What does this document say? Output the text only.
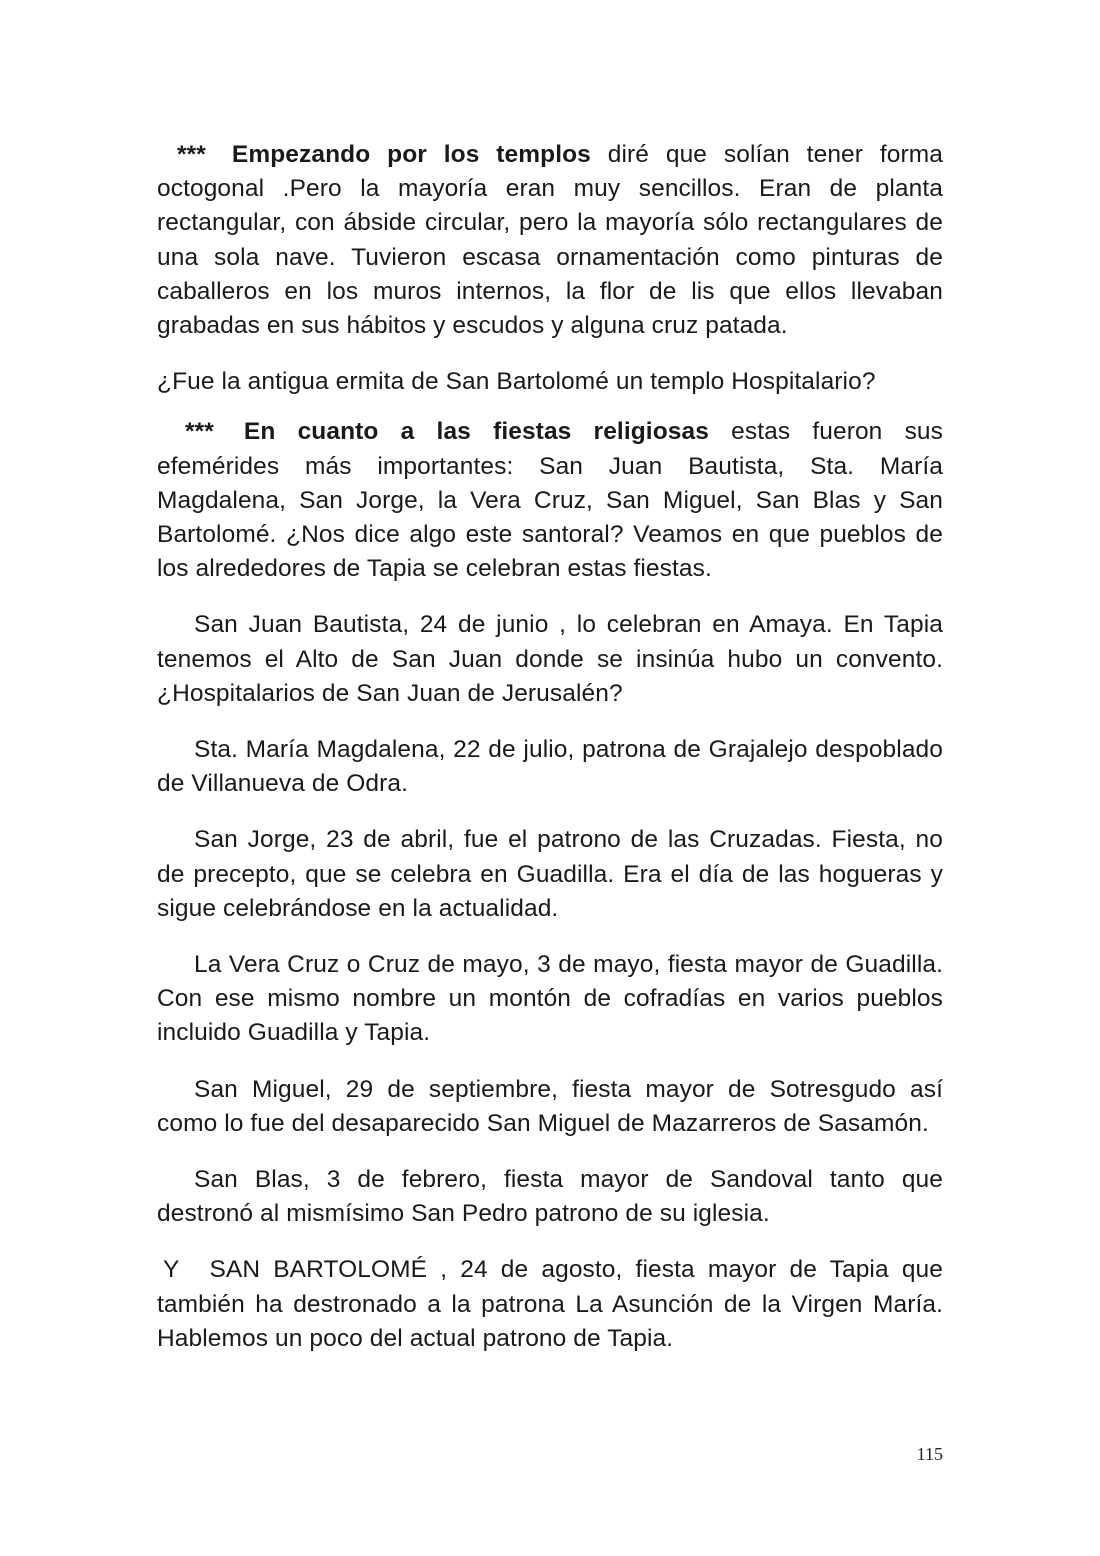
*** Empezando por los templos diré que solían tener forma octogonal .Pero la mayoría eran muy sencillos. Eran de planta rectangular, con ábside circular, pero la mayoría sólo rectangulares de una sola nave. Tuvieron escasa ornamentación como pinturas de caballeros en los muros internos, la flor de lis que ellos llevaban grabadas en sus hábitos y escudos y alguna cruz patada.

¿Fue la antigua ermita de San Bartolomé un templo Hospitalario?

*** En cuanto a las fiestas religiosas estas fueron sus efemérides más importantes: San Juan Bautista, Sta. María Magdalena, San Jorge, la Vera Cruz, San Miguel, San Blas y San Bartolomé. ¿Nos dice algo este santoral? Veamos en que pueblos de los alrededores de Tapia se celebran estas fiestas.

San Juan Bautista, 24 de junio , lo celebran en Amaya. En Tapia tenemos el Alto de San Juan donde se insinúa hubo un convento. ¿Hospitalarios de San Juan de Jerusalén?

Sta. María Magdalena, 22 de julio, patrona de Grajalejo despoblado de Villanueva de Odra.

San Jorge, 23 de abril, fue el patrono de las Cruzadas. Fiesta, no de precepto, que se celebra en Guadilla. Era el día de las hogueras y sigue celebrándose en la actualidad.

La Vera Cruz o Cruz de mayo, 3 de mayo, fiesta mayor de Guadilla. Con ese mismo nombre un montón de cofradías en varios pueblos incluido Guadilla y Tapia.

San Miguel, 29 de septiembre, fiesta mayor de Sotresgudo así como lo fue del desaparecido San Miguel de Mazarreros de Sasamón.

San Blas, 3 de febrero, fiesta mayor de Sandoval tanto que destronó al mismísimo San Pedro patrono de su iglesia.

Y SAN BARTOLOMÉ , 24 de agosto, fiesta mayor de Tapia que también ha destronado a la patrona La Asunción de la Virgen María. Hablemos un poco del actual patrono de Tapia.

115
